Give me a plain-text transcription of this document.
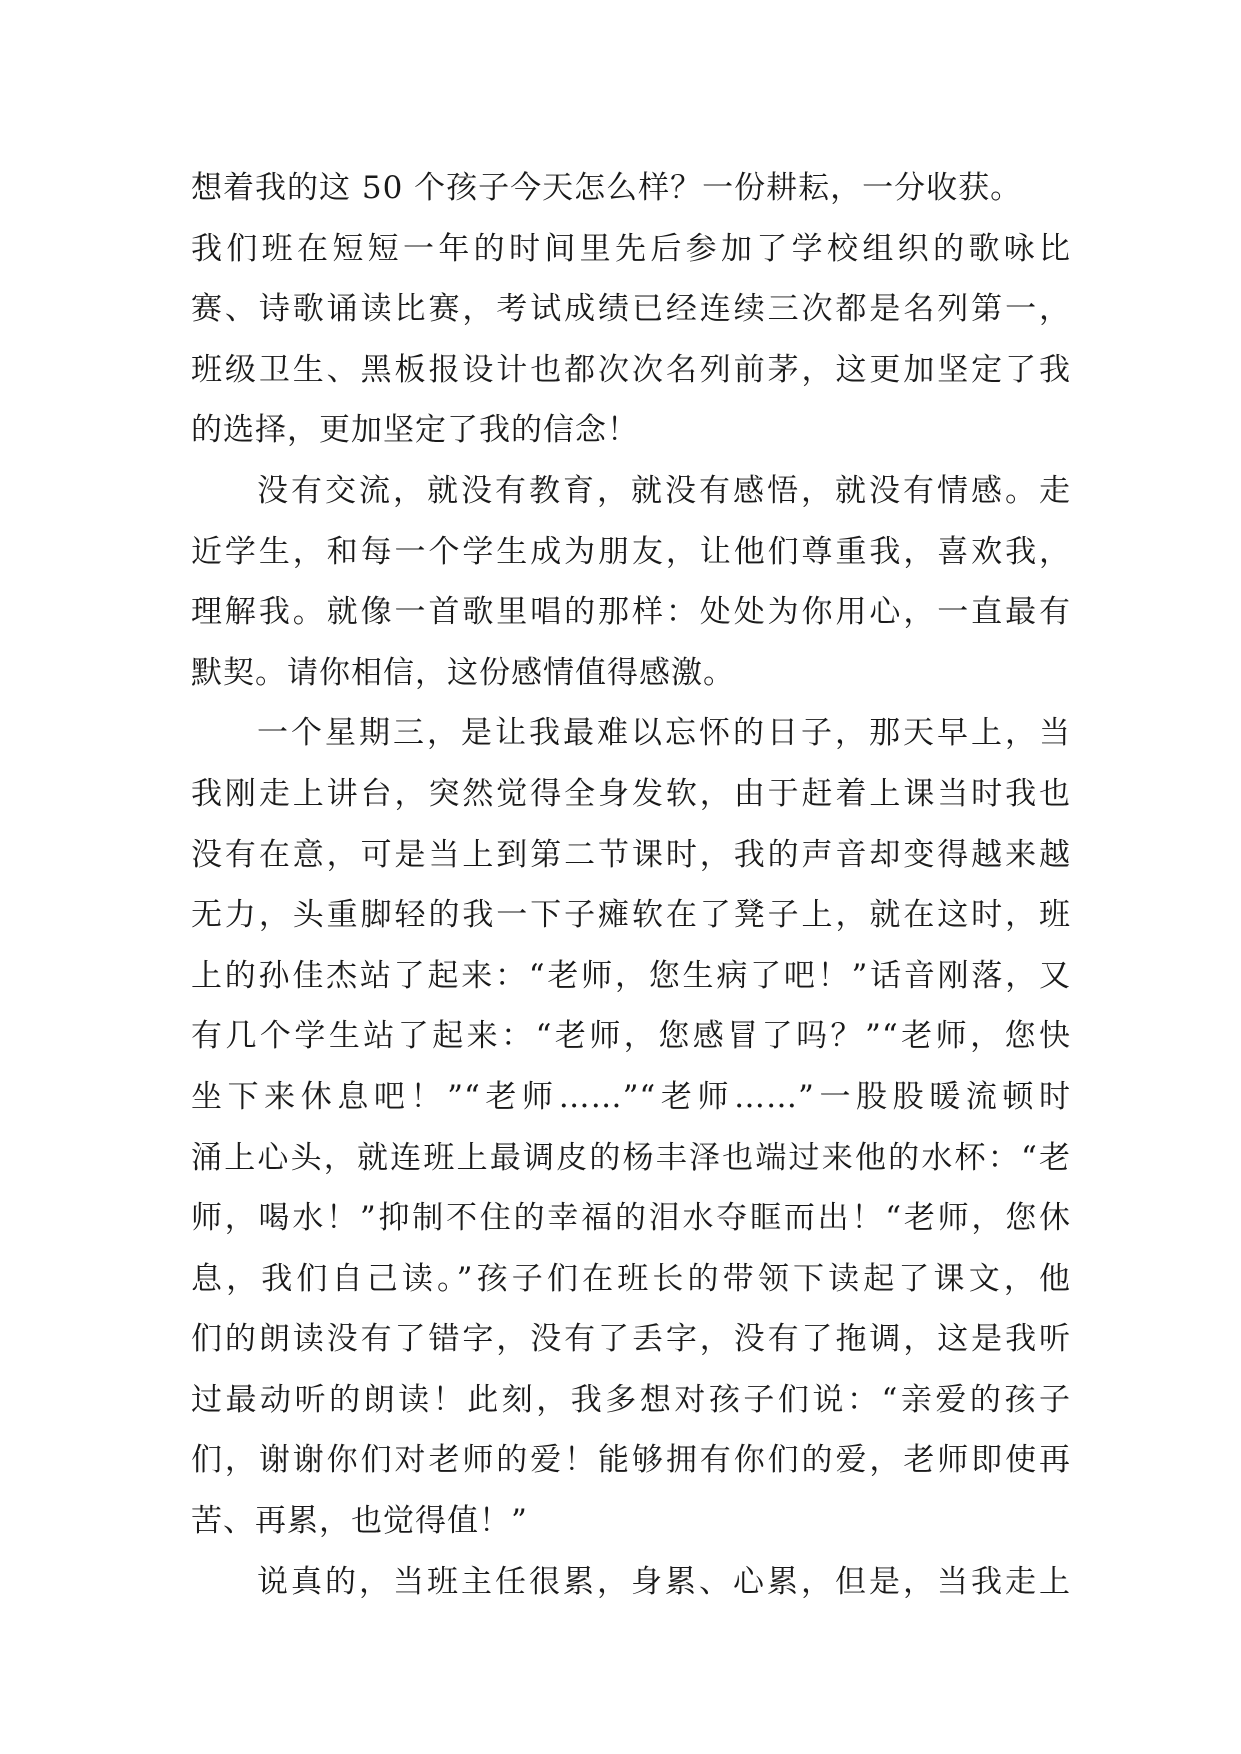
想着我的这 50 个孩子今天怎么样？一份耕耘，一分收获。
我们班在短短一年的时间里先后参加了学校组织的歌咏比
赛、诗歌诵读比赛，考试成绩已经连续三次都是名列第一，
班级卫生、黑板报设计也都次次名列前茅，这更加坚定了我
的选择，更加坚定了我的信念！
没有交流，就没有教育，就没有感悟，就没有情感。走
近学生，和每一个学生成为朋友，让他们尊重我，喜欢我，
理解我。就像一首歌里唱的那样：处处为你用心，一直最有
默契。请你相信，这份感情值得感激。
一个星期三，是让我最难以忘怀的日子，那天早上，当
我刚走上讲台，突然觉得全身发软，由于赶着上课当时我也
没有在意，可是当上到第二节课时，我的声音却变得越来越
无力，头重脚轻的我一下子瘫软在了凳子上，就在这时，班
上的孙佳杰站了起来：“老师，您生病了吧！”话音刚落，又
有几个学生站了起来：“老师，您感冒了吗？”“老师，您快
坐下来休息吧！”“老师……”“老师……”一股股暖流顿时
涌上心头，就连班上最调皮的杨丰泽也端过来他的水杯：“老
师，喝水！”抑制不住的幸福的泪水夺眶而出！“老师，您休
息，我们自己读。”孩子们在班长的带领下读起了课文，他
们的朗读没有了错字，没有了丢字，没有了拖调，这是我听
过最动听的朗读！此刻，我多想对孩子们说：“亲爱的孩子
们，谢谢你们对老师的爱！能够拥有你们的爱，老师即使再
苦、再累，也觉得值！”
说真的，当班主任很累，身累、心累，但是，当我走上
